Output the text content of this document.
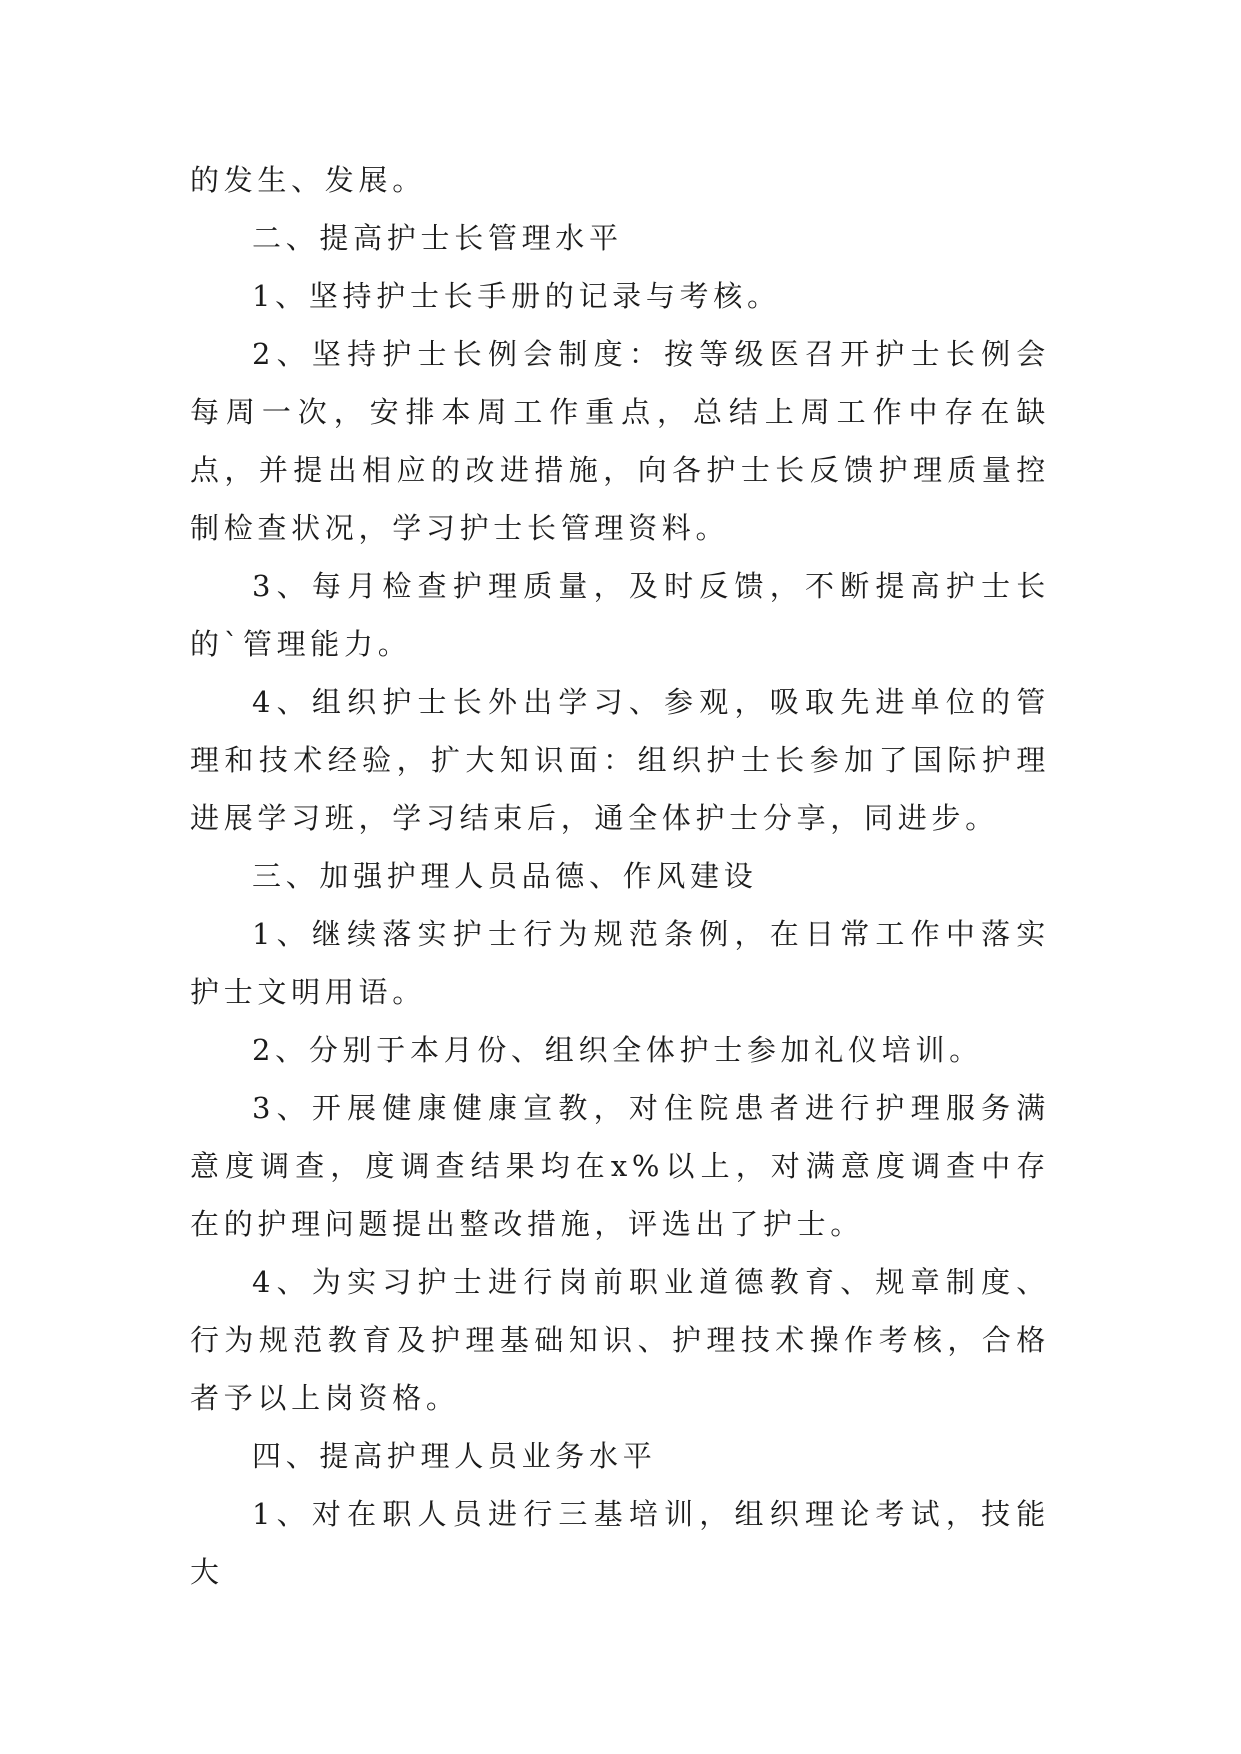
的发生、发展。

二、提高护士长管理水平

1、坚持护士长手册的记录与考核。

2、坚持护士长例会制度：按等级医召开护士长例会每周一次，安排本周工作重点，总结上周工作中存在缺点，并提出相应的改进措施，向各护士长反馈护理质量控制检查状况，学习护士长管理资料。

3、每月检查护理质量，及时反馈，不断提高护士长的`管理能力。

4、组织护士长外出学习、参观，吸取先进单位的管理和技术经验，扩大知识面：组织护士长参加了国际护理进展学习班，学习结束后，通全体护士分享，同进步。

三、加强护理人员品德、作风建设

1、继续落实护士行为规范条例，在日常工作中落实护士文明用语。

2、分别于本月份、组织全体护士参加礼仪培训。

3、开展健康健康宣教，对住院患者进行护理服务满意度调查，度调查结果均在x%以上，对满意度调查中存在的护理问题提出整改措施，评选出了护士。

4、为实习护士进行岗前职业道德教育、规章制度、行为规范教育及护理基础知识、护理技术操作考核，合格者予以上岗资格。

四、提高护理人员业务水平

1、对在职人员进行三基培训，组织理论考试，技能大
